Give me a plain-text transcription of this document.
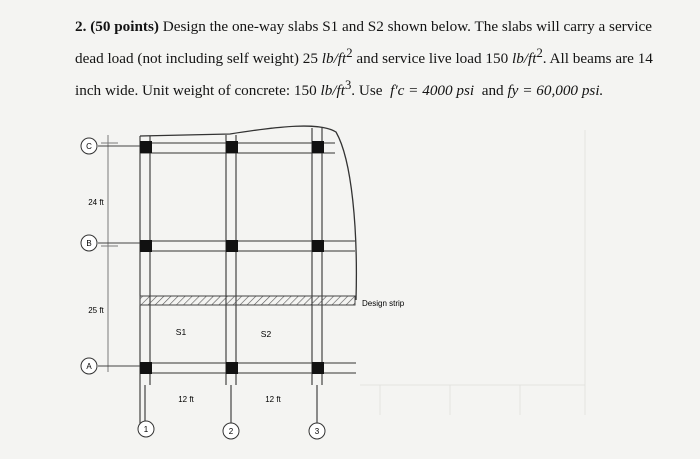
2. (50 points) Design the one-way slabs S1 and S2 shown below. The slabs will carry a service

dead load (not including self weight) 25 $lb/ft^2$ and service live load 150 $lb/ft^2$. All beams are 14

inch wide. Unit weight of concrete: 150 $lb/ft^3$. Use f′c = 4000 psi and fy = 60,000 psi.

C
B
A
1	2	3
24 ft
25 ft
12 ft	12 ft
S1	S2
Design strip
